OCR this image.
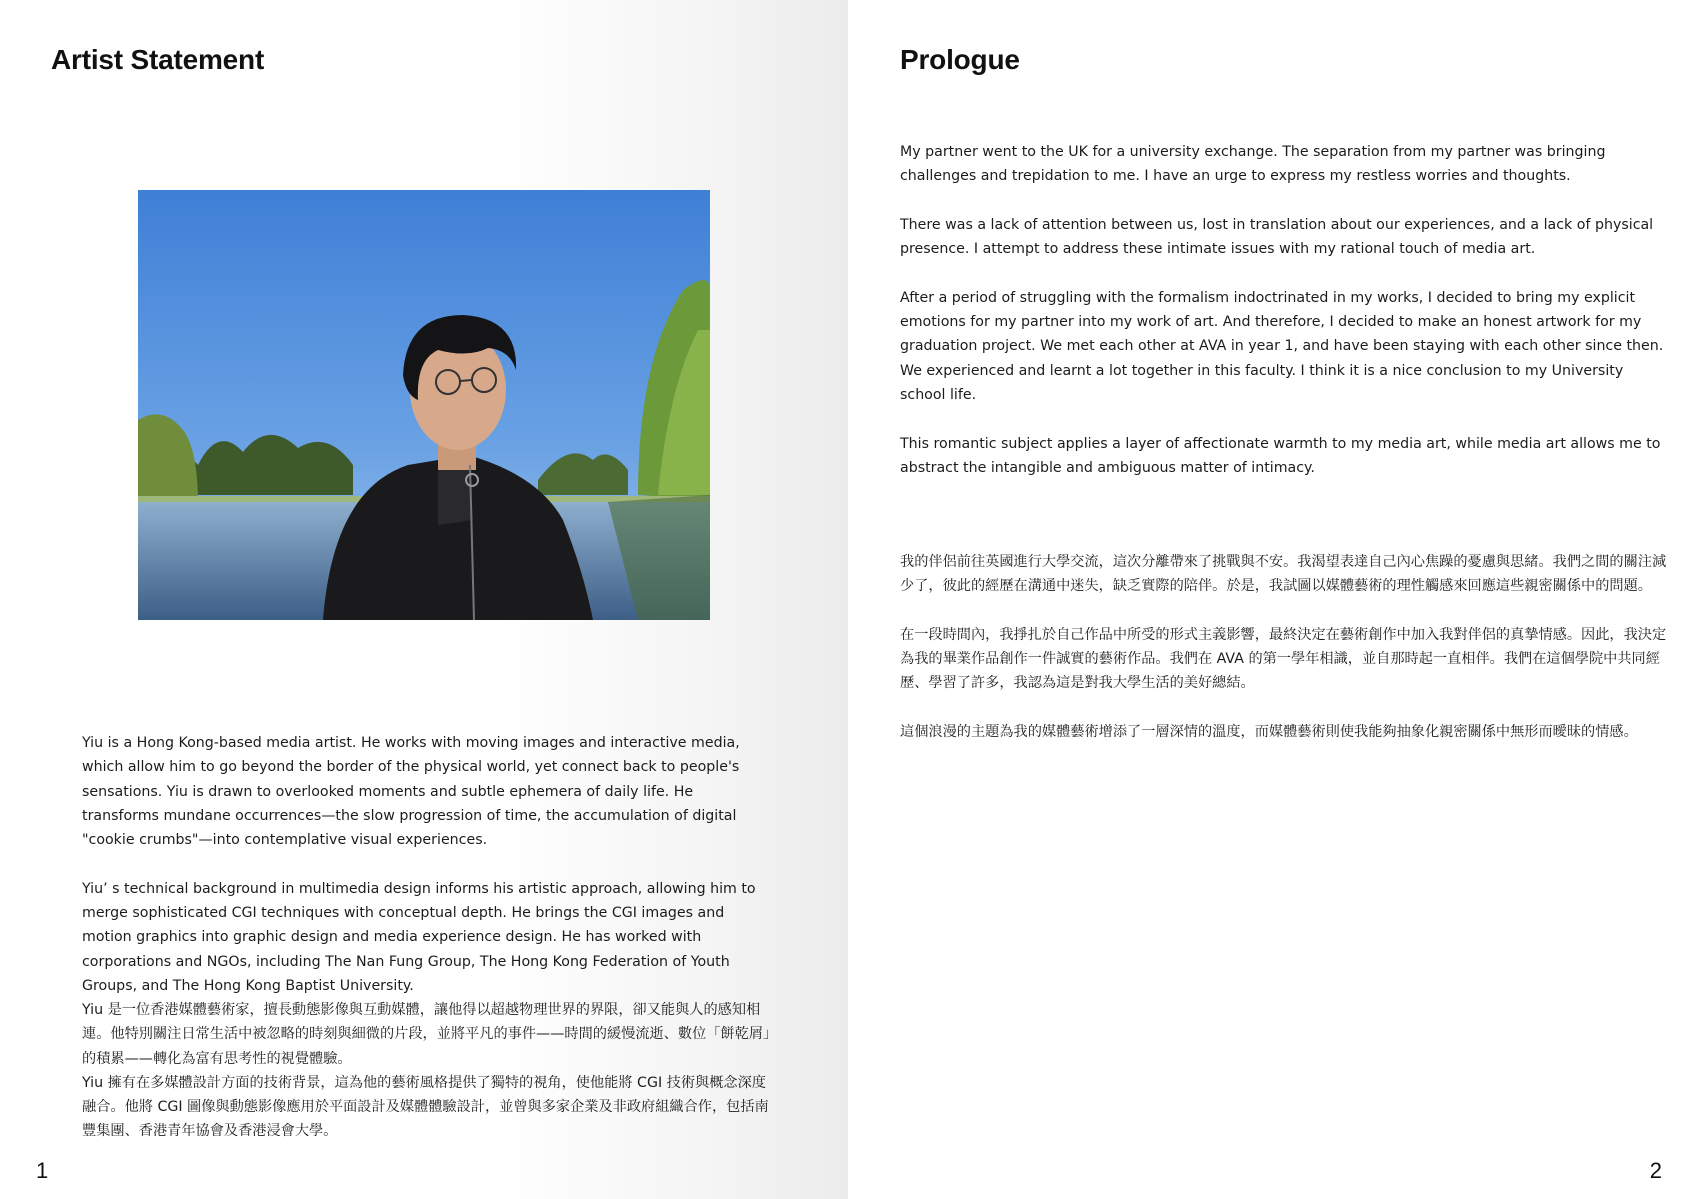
Artist Statement

Yiu is a Hong Kong-based media artist. He works with moving images and interactive media, which allow him to go beyond the border of the physical world, yet connect back to people's sensations. Yiu is drawn to overlooked moments and subtle ephemera of daily life. He transforms mundane occurrences—the slow progression of time, the accumulation of digital "cookie crumbs"—into contemplative visual experiences.

Yiu’ s technical background in multimedia design informs his artistic approach, allowing him to merge sophisticated CGI techniques with conceptual depth. He brings the CGI images and motion graphics into graphic design and media experience design. He has worked with corporations and NGOs, including The Nan Fung Group, The Hong Kong Federation of Youth Groups, and The Hong Kong Baptist University.

Yiu 是一位香港媒體藝術家，擅長動態影像與互動媒體，讓他得以超越物理世界的界限，卻又能與人的感知相連。他特別關注日常生活中被忽略的時刻與細微的片段，並將平凡的事件——時間的緩慢流逝、數位「餅乾屑」的積累——轉化為富有思考性的視覺體驗。

Yiu 擁有在多媒體設計方面的技術背景，這為他的藝術風格提供了獨特的視角，使他能將 CGI 技術與概念深度融合。他將 CGI 圖像與動態影像應用於平面設計及媒體體驗設計，並曾與多家企業及非政府組織合作，包括南豐集團、香港青年協會及香港浸會大學。

1
Prologue

My partner went to the UK for a university exchange. The separation from my partner was bringing challenges and trepidation to me. I have an urge to express my restless worries and thoughts.

There was a lack of attention between us, lost in translation about our experiences, and a lack of physical presence. I attempt to address these intimate issues with my rational touch of media art.

After a period of struggling with the formalism indoctrinated in my works, I decided to bring my explicit emotions for my partner into my work of art. And therefore, I decided to make an honest artwork for my graduation project. We met each other at AVA in year 1, and have been staying with each other since then. We experienced and learnt a lot together in this faculty. I think it is a nice conclusion to my University school life.

This romantic subject applies a layer of affectionate warmth to my media art, while media art allows me to abstract the intangible and ambiguous matter of intimacy.

我的伴侶前往英國進行大學交流，這次分離帶來了挑戰與不安。我渴望表達自己內心焦躁的憂慮與思緒。我們之間的關注減少了，彼此的經歷在溝通中迷失，缺乏實際的陪伴。於是，我試圖以媒體藝術的理性觸感來回應這些親密關係中的問題。

在一段時間內，我掙扎於自己作品中所受的形式主義影響，最終決定在藝術創作中加入我對伴侶的真摯情感。因此，我決定為我的畢業作品創作一件誠實的藝術作品。我們在 AVA 的第一學年相識，並自那時起一直相伴。我們在這個學院中共同經歷、學習了許多，我認為這是對我大學生活的美好總結。

這個浪漫的主題為我的媒體藝術增添了一層深情的溫度，而媒體藝術則使我能夠抽象化親密關係中無形而曖昧的情感。

2
